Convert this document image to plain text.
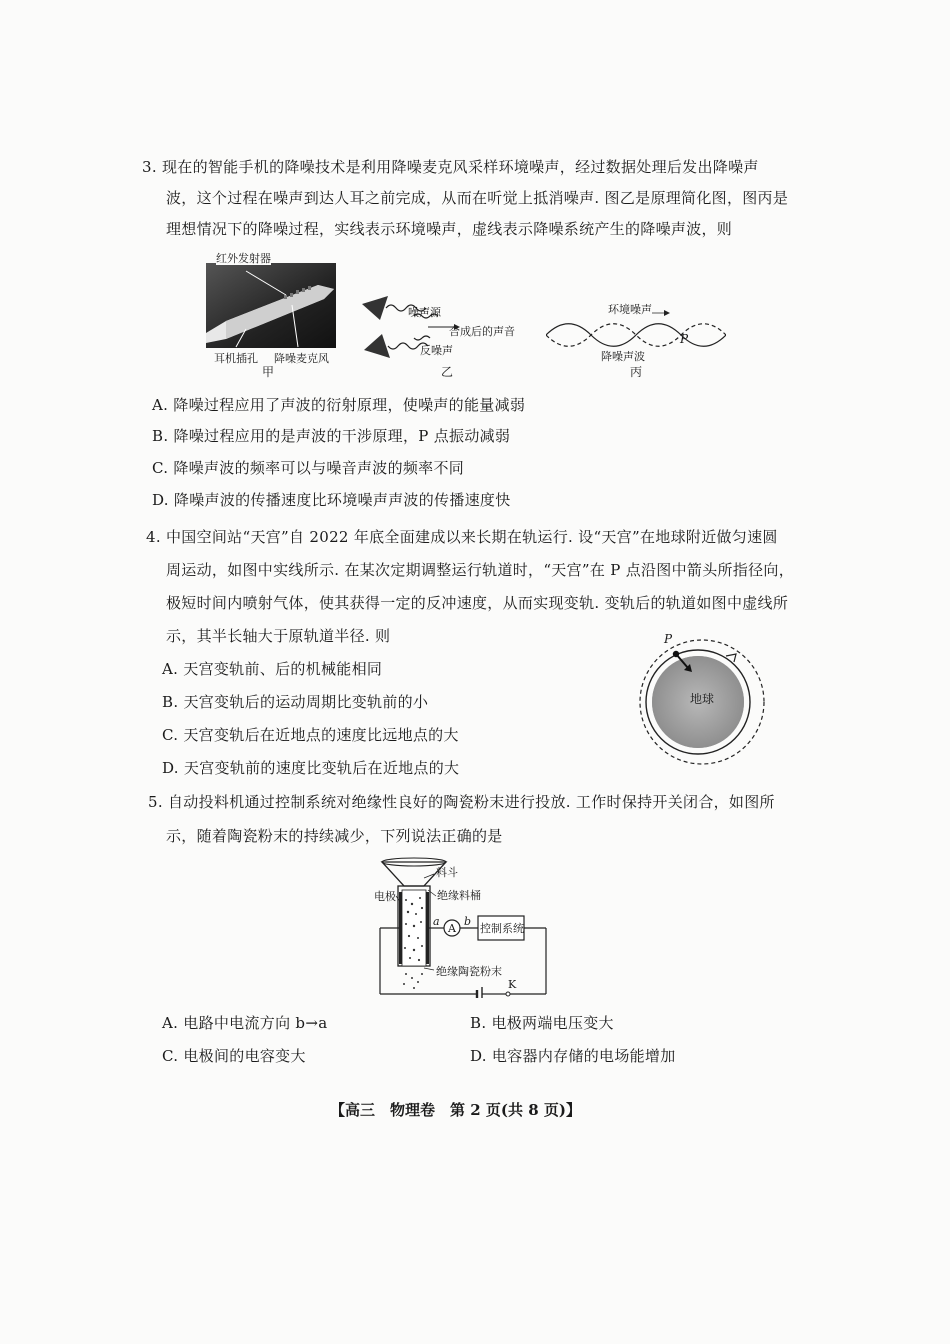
3. 现在的智能手机的降噪技术是利用降噪麦克风采样环境噪声，经过数据处理后发出降噪声
波，这个过程在噪声到达人耳之前完成，从而在听觉上抵消噪声. 图乙是原理简化图，图丙是
理想情况下的降噪过程，实线表示环境噪声，虚线表示降噪系统产生的降噪声波，则
红外发射器
耳机插孔 降噪麦克风
甲
噪声源
合成后的声音
反噪声
乙
环境噪声
降噪声波
P
丙
A. 降噪过程应用了声波的衍射原理，使噪声的能量减弱
B. 降噪过程应用的是声波的干涉原理，P 点振动减弱
C. 降噪声波的频率可以与噪音声波的频率不同
D. 降噪声波的传播速度比环境噪声声波的传播速度快
4. 中国空间站“天宫”自 2022 年底全面建成以来长期在轨运行. 设“天宫”在地球附近做匀速圆
周运动，如图中实线所示. 在某次定期调整运行轨道时，“天宫”在 P 点沿图中箭头所指径向，
极短时间内喷射气体，使其获得一定的反冲速度，从而实现变轨. 变轨后的轨道如图中虚线所
示，其半长轴大于原轨道半径. 则
A. 天宫变轨前、后的机械能相同
B. 天宫变轨后的运动周期比变轨前的小
C. 天宫变轨后在近地点的速度比远地点的大
D. 天宫变轨前的速度比变轨后在近地点的大
P
地球
5. 自动投料机通过控制系统对绝缘性良好的陶瓷粉末进行投放. 工作时保持开关闭合，如图所
示，随着陶瓷粉末的持续减少，下列说法正确的是
料斗
绝缘料桶
电极
a
A
b
控制系统
绝缘陶瓷粉末
K
A. 电路中电流方向 b→a	B. 电极两端电压变大
C. 电极间的电容变大	D. 电容器内存储的电场能增加
【高三　物理卷　第 2 页(共 8 页)】
